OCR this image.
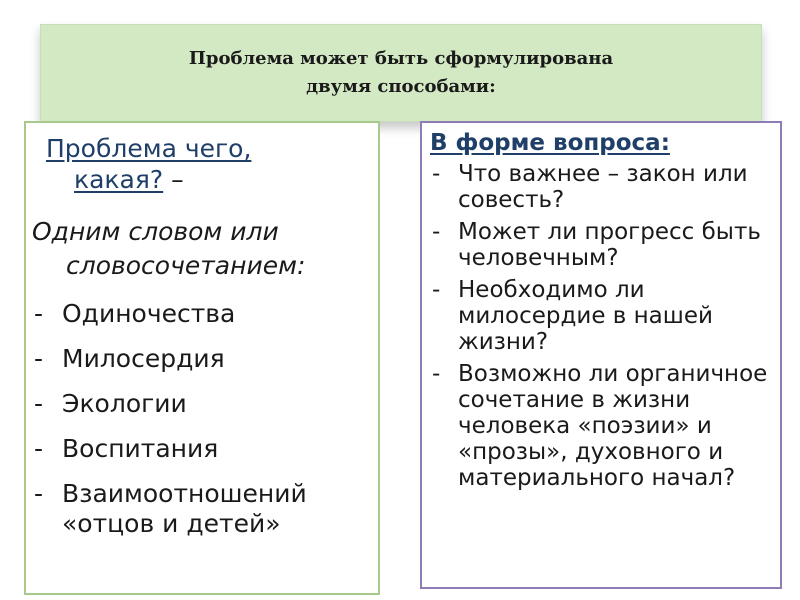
Проблема может быть сформулирована
двумя способами:
Проблема чего,
какая? –
Одним словом или
словосочетанием:
- Одиночества
- Милосердия
- Экологии
- Воспитания
- Взаимоотношений «отцов и детей»
В форме вопроса:
- Что важнее – закон или совесть?
- Может ли прогресс быть человечным?
- Необходимо ли милосердие в нашей жизни?
- Возможно ли органичное сочетание в жизни человека «поэзии» и «прозы», духовного и материального начал?
